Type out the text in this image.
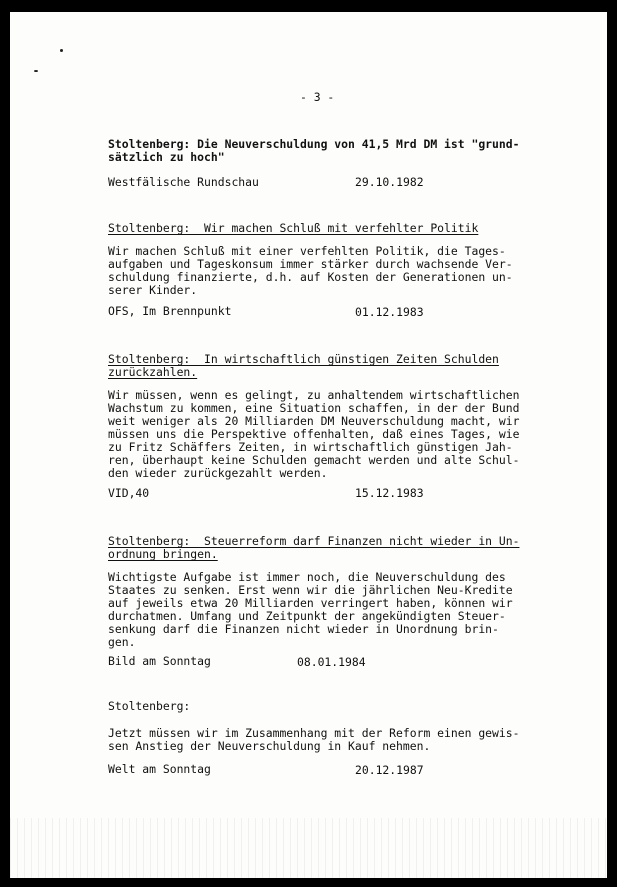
- 3 -
Stoltenberg: Die Neuverschuldung von 41,5 Mrd DM ist "grund-
sätzlich zu hoch"
Westfälische Rundschau	29.10.1982
Stoltenberg:  Wir machen Schluß mit verfehlter Politik
Wir machen Schluß mit einer verfehlten Politik, die Tages-
aufgaben und Tageskonsum immer stärker durch wachsende Ver-
schuldung finanzierte, d.h. auf Kosten der Generationen un-
serer Kinder.
OFS, Im Brennpunkt	01.12.1983
Stoltenberg:  In wirtschaftlich günstigen Zeiten Schulden
zurückzahlen.
Wir müssen, wenn es gelingt, zu anhaltendem wirtschaftlichen
Wachstum zu kommen, eine Situation schaffen, in der der Bund
weit weniger als 20 Milliarden DM Neuverschuldung macht, wir
müssen uns die Perspektive offenhalten, daß eines Tages, wie
zu Fritz Schäffers Zeiten, in wirtschaftlich günstigen Jah-
ren, überhaupt keine Schulden gemacht werden und alte Schul-
den wieder zurückgezahlt werden.
VID,40	15.12.1983
Stoltenberg:  Steuerreform darf Finanzen nicht wieder in Un-
ordnung bringen.
Wichtigste Aufgabe ist immer noch, die Neuverschuldung des
Staates zu senken. Erst wenn wir die jährlichen Neu-Kredite
auf jeweils etwa 20 Milliarden verringert haben, können wir
durchatmen. Umfang und Zeitpunkt der angekündigten Steuer-
senkung darf die Finanzen nicht wieder in Unordnung brin-
gen.
Bild am Sonntag	08.01.1984
Stoltenberg:
Jetzt müssen wir im Zusammenhang mit der Reform einen gewis-
sen Anstieg der Neuverschuldung in Kauf nehmen.
Welt am Sonntag	20.12.1987
